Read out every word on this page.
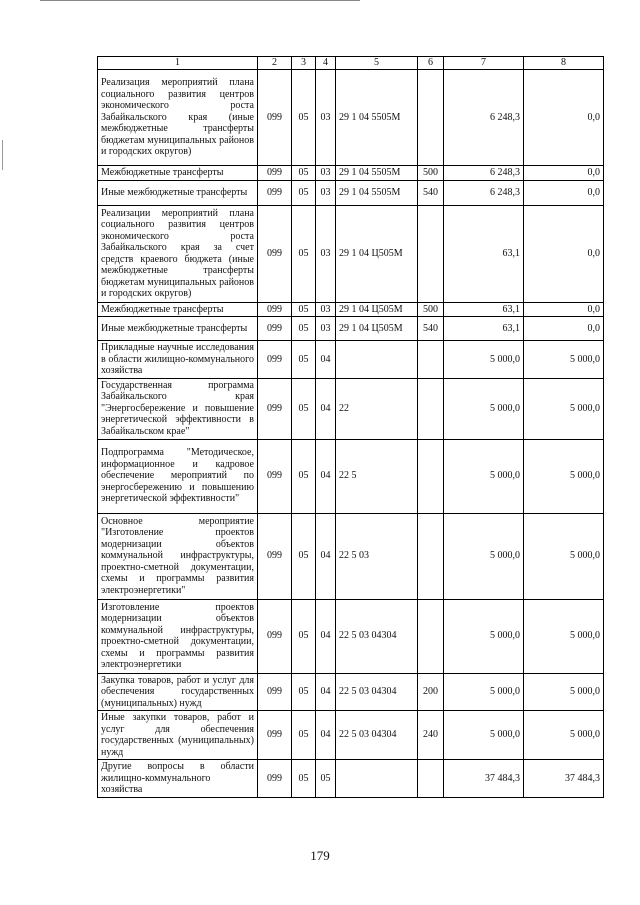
1	2	3	4	5	6	7	8
Реализация мероприятий плана социального развития центров экономического роста Забайкальского края (иные межбюджетные трансферты бюджетам муниципальных районов и городских округов)	099	05	03	29 1 04 5505M		6 248,3	0,0
Межбюджетные трансферты	099	05	03	29 1 04 5505M	500	6 248,3	0,0
Иные межбюджетные трансферты	099	05	03	29 1 04 5505M	540	6 248,3	0,0
Реализации мероприятий плана социального развития центров экономического роста Забайкальского края за счет средств краевого бюджета (иные межбюджетные трансферты бюджетам муниципальных районов и городских округов)	099	05	03	29 1 04 Ц505M		63,1	0,0
Межбюджетные трансферты	099	05	03	29 1 04 Ц505M	500	63,1	0,0
Иные межбюджетные трансферты	099	05	03	29 1 04 Ц505M	540	63,1	0,0
Прикладные научные исследования в области жилищно-коммунального хозяйства	099	05	04			5 000,0	5 000,0
Государственная программа Забайкальского края "Энергосбережение и повышение энергетической эффективности в Забайкальском крае"	099	05	04	22		5 000,0	5 000,0
Подпрограмма "Методическое, информационное и кадровое обеспечение мероприятий по энергосбережению и повышению энергетической эффективности"	099	05	04	22 5		5 000,0	5 000,0
Основное мероприятие "Изготовление проектов модернизации объектов коммунальной инфраструктуры, проектно-сметной документации, схемы и программы развития электроэнергетики"	099	05	04	22 5 03		5 000,0	5 000,0
Изготовление проектов модернизации объектов коммунальной инфраструктуры, проектно-сметной документации, схемы и программы развития электроэнергетики	099	05	04	22 5 03 04304		5 000,0	5 000,0
Закупка товаров, работ и услуг для обеспечения государственных (муниципальных) нужд	099	05	04	22 5 03 04304	200	5 000,0	5 000,0
Иные закупки товаров, работ и услуг для обеспечения государственных (муниципальных) нужд	099	05	04	22 5 03 04304	240	5 000,0	5 000,0
Другие вопросы в области жилищно-коммунального хозяйства	099	05	05			37 484,3	37 484,3
179
